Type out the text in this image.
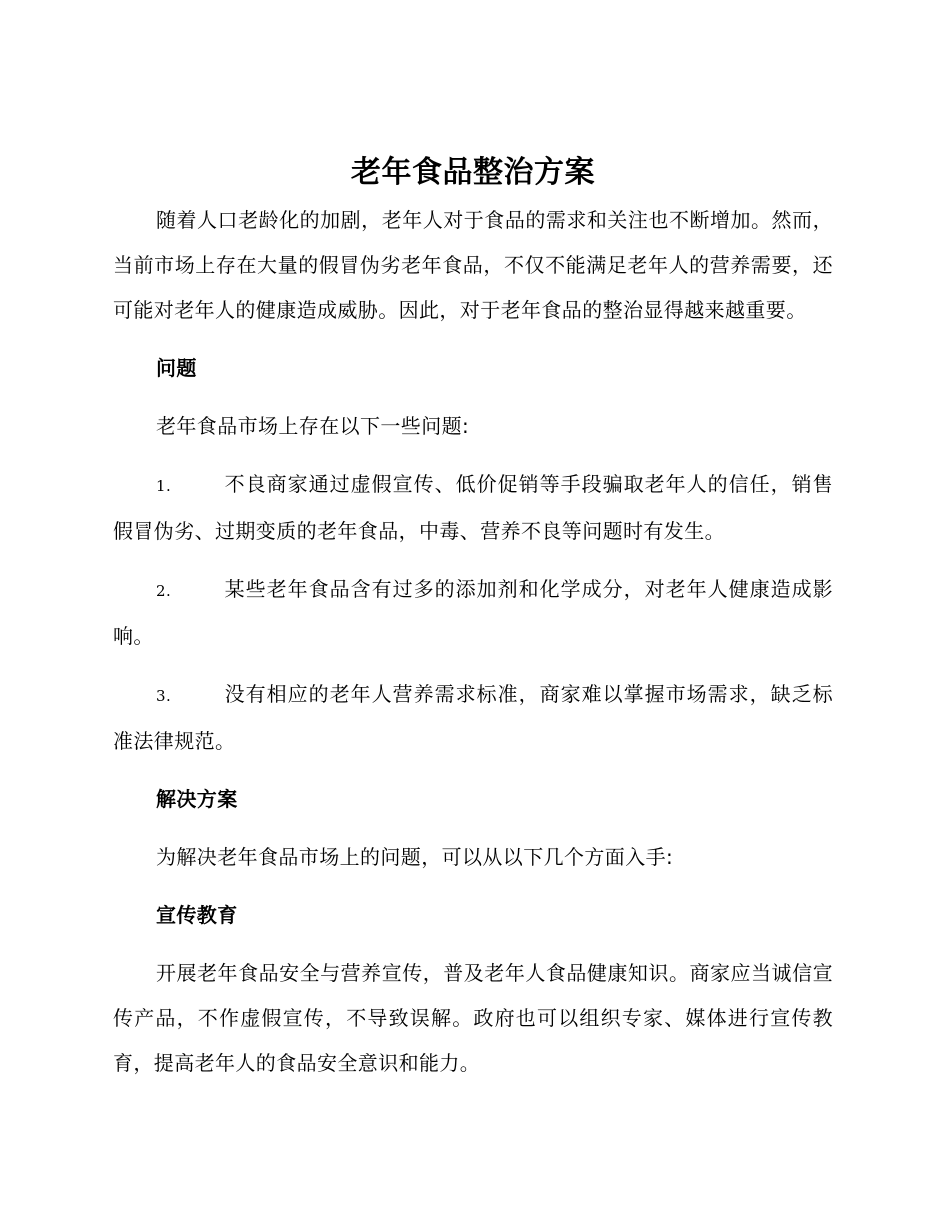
老年食品整治方案

随着人口老龄化的加剧，老年人对于食品的需求和关注也不断增加。然而，当前市场上存在大量的假冒伪劣老年食品，不仅不能满足老年人的营养需要，还可能对老年人的健康造成威胁。因此，对于老年食品的整治显得越来越重要。

问题

老年食品市场上存在以下一些问题:

1.	不良商家通过虚假宣传、低价促销等手段骗取老年人的信任，销售假冒伪劣、过期变质的老年食品，中毒、营养不良等问题时有发生。

2.	某些老年食品含有过多的添加剂和化学成分，对老年人健康造成影响。

3.	没有相应的老年人营养需求标准，商家难以掌握市场需求，缺乏标准法律规范。

解决方案

为解决老年食品市场上的问题，可以从以下几个方面入手:

宣传教育

开展老年食品安全与营养宣传，普及老年人食品健康知识。商家应当诚信宣传产品，不作虚假宣传，不导致误解。政府也可以组织专家、媒体进行宣传教育，提高老年人的食品安全意识和能力。
